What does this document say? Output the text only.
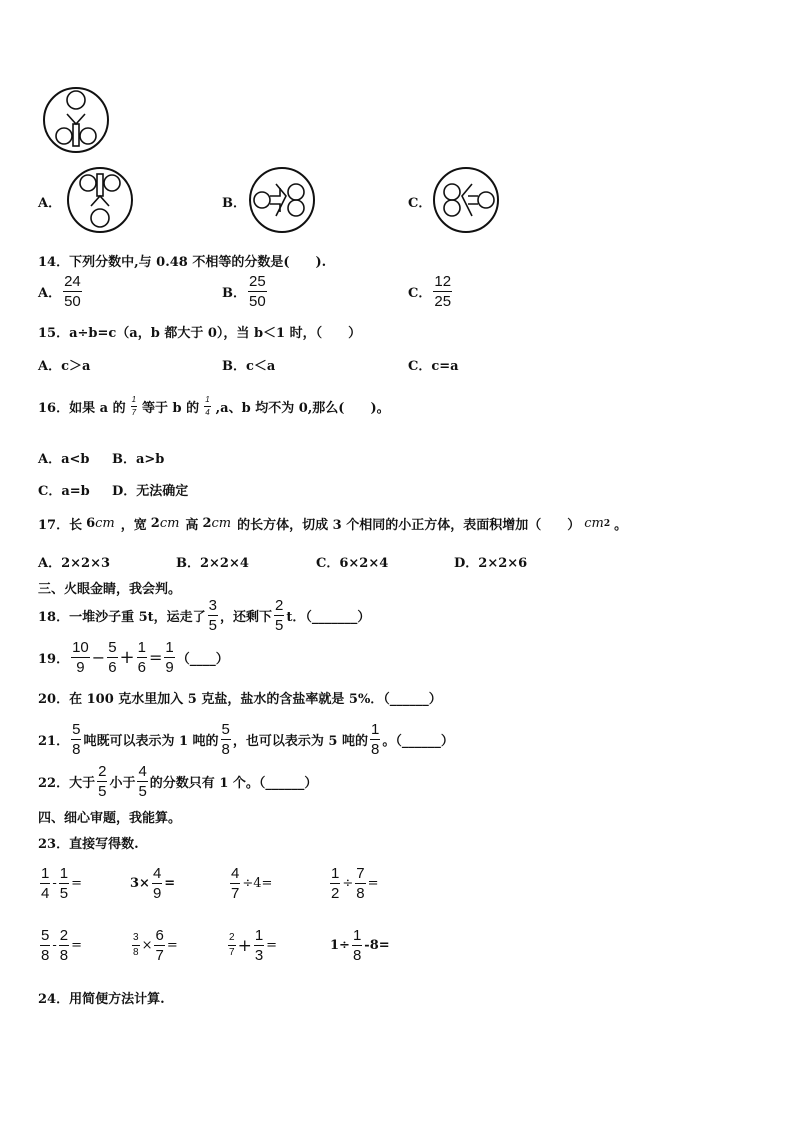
A．	B．	C．
14．下列分数中,与 0.48 不相等的分数是(　　).
A． $\frac{24}{50}$	B． $\frac{25}{50}$	C． $\frac{12}{25}$
15．a÷b=c（a，b 都大于 0），当 b＜1 时，（　　）
A．c＞a	B．c＜a	C．c=a
16．如果 a 的 $\frac{1}{7}$ 等于 b 的 $\frac{1}{4} ,a$、b 均不为 0,那么(　　)。
A．a<b B．a>b
C．a=b D．无法确定
17．长 6 cm ，宽 2 cm 高 2 cm 的长方体，切成 3 个相同的小正方体，表面积增加（　　） cm 2 。
A．2×2×3	B．2×2×4	C．6×2×4	D．2×2×6
三、火眼金睛，我会判。
18．一堆沙子重 5t，运走了 $\frac{3}{5}$ ，还剩下 $\frac{2}{5}$ t．（_______）
19． $\frac{10}{9} - \frac{5}{6} + \frac{1}{6} = \frac{1}{9}$ （____）
20．在 100 克水里加入 5 克盐，盐水的含盐率就是 5%．（______）
21． $\frac{5}{8}$ 吨既可以表示为 1 吨的 $\frac{5}{8}$ ，也可以表示为 5 吨的 $\frac{1}{8}$ 。（______）
22．大于 $\frac{2}{5}$ 小于 $\frac{4}{5}$ 的分数只有 1 个。（______）
四、细心审题，我能算。
23．直接写得数.
$\frac{1}{4} - \frac{1}{5}$ =	$3\times \frac{4}{9}$ =	$\frac{4}{7} \div 4=$	$\frac{1}{2} \div \frac{7}{8}$ =
$\frac{5}{8} - \frac{2}{8}$ =	$\frac{3}{8} \times \frac{6}{7}$ =	$\frac{2}{7} + \frac{1}{3}$ =	$1\div \frac{1}{8} -8=$
24．用简便方法计算.
